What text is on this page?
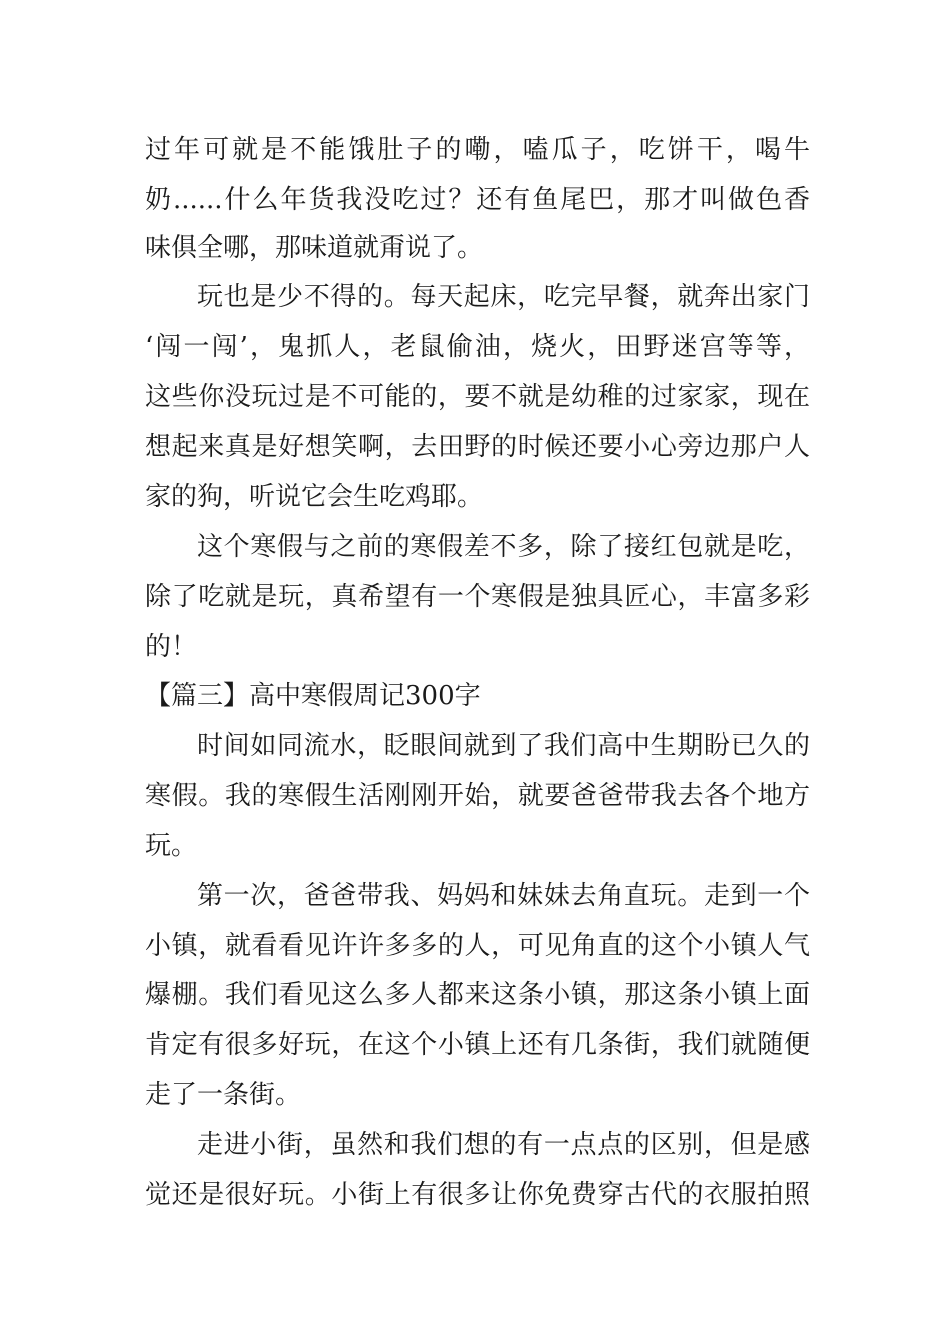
过年可就是不能饿肚子的嘞，嗑瓜子，吃饼干，喝牛
奶......什么年货我没吃过？还有鱼尾巴，那才叫做色香
味俱全哪，那味道就甭说了。
玩也是少不得的。每天起床，吃完早餐，就奔出家门
‘闯一闯’，鬼抓人，老鼠偷油，烧火，田野迷宫等等，
这些你没玩过是不可能的，要不就是幼稚的过家家，现在
想起来真是好想笑啊，去田野的时候还要小心旁边那户人
家的狗，听说它会生吃鸡耶。
这个寒假与之前的寒假差不多，除了接红包就是吃，
除了吃就是玩，真希望有一个寒假是独具匠心，丰富多彩
的！
【篇三】高中寒假周记300字
时间如同流水，眨眼间就到了我们高中生期盼已久的
寒假。我的寒假生活刚刚开始，就要爸爸带我去各个地方
玩。
第一次，爸爸带我、妈妈和妹妹去角直玩。走到一个
小镇，就看看见许许多多的人，可见角直的这个小镇人气
爆棚。我们看见这么多人都来这条小镇，那这条小镇上面
肯定有很多好玩，在这个小镇上还有几条街，我们就随便
走了一条街。
走进小街，虽然和我们想的有一点点的区别，但是感
觉还是很好玩。小街上有很多让你免费穿古代的衣服拍照
